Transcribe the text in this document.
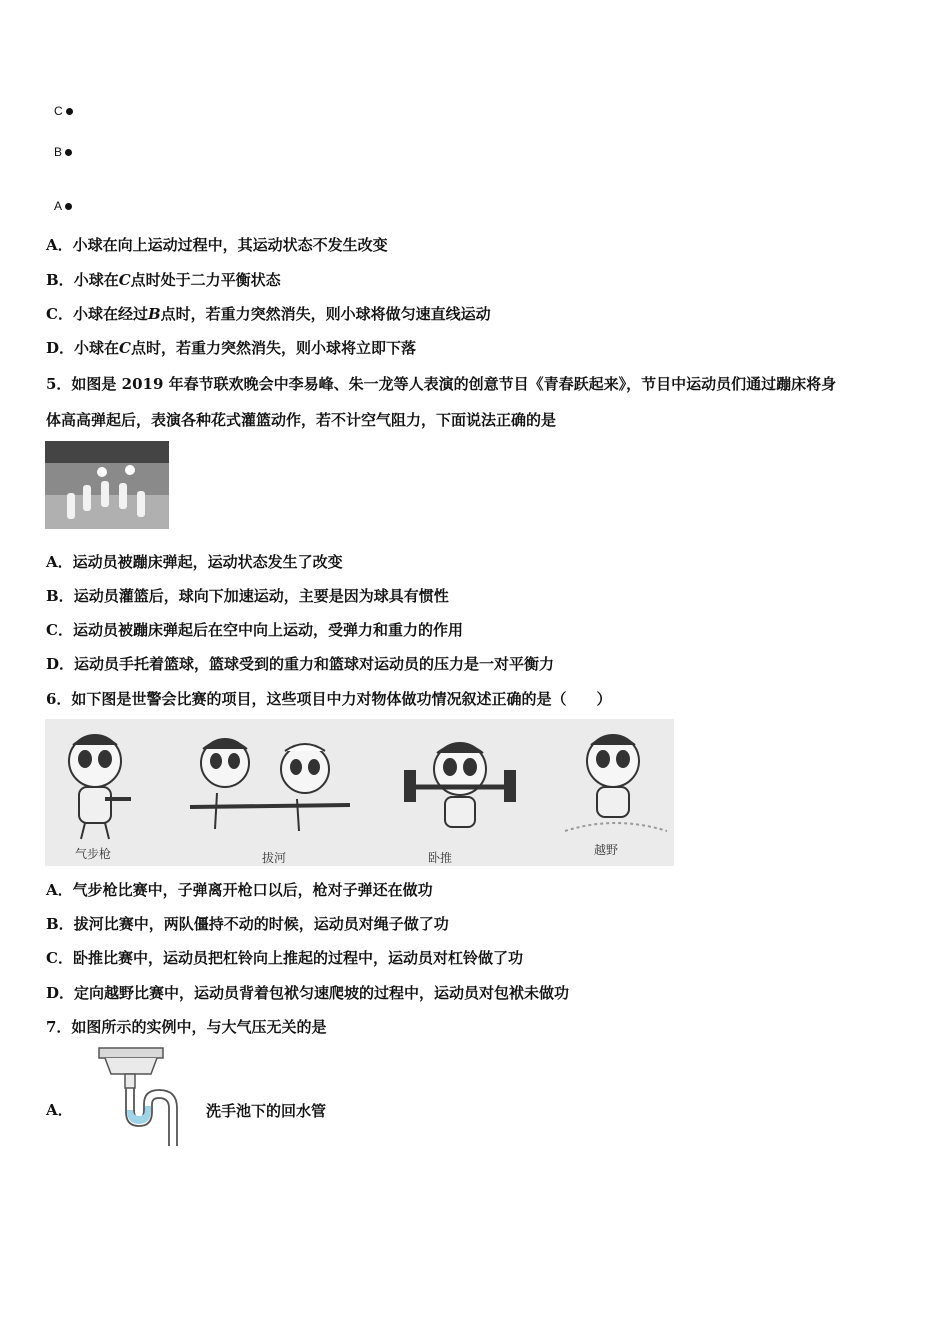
C
B
A
A．小球在向上运动过程中，其运动状态不发生改变
B．小球在C点时处于二力平衡状态
C．小球在经过B点时，若重力突然消失，则小球将做匀速直线运动
D．小球在C点时，若重力突然消失，则小球将立即下落
5．如图是 2019 年春节联欢晚会中李易峰、朱一龙等人表演的创意节目《青春跃起来》，节目中运动员们通过蹦床将身
体高高弹起后，表演各种花式灌篮动作，若不计空气阻力，下面说法正确的是
A．运动员被蹦床弹起，运动状态发生了改变
B．运动员灌篮后，球向下加速运动，主要是因为球具有惯性
C．运动员被蹦床弹起后在空中向上运动，受弹力和重力的作用
D．运动员手托着篮球，篮球受到的重力和篮球对运动员的压力是一对平衡力
6．如下图是世警会比赛的项目，这些项目中力对物体做功情况叙述正确的是（　　）
气步枪	拔河	卧推
越野
A．气步枪比赛中，子弹离开枪口以后，枪对子弹还在做功
B．拔河比赛中，两队僵持不动的时候，运动员对绳子做了功
C．卧推比赛中，运动员把杠铃向上推起的过程中，运动员对杠铃做了功
D．定向越野比赛中，运动员背着包袱匀速爬坡的过程中，运动员对包袱未做功
7．如图所示的实例中，与大气压无关的是
A．	洗手池下的回水管
